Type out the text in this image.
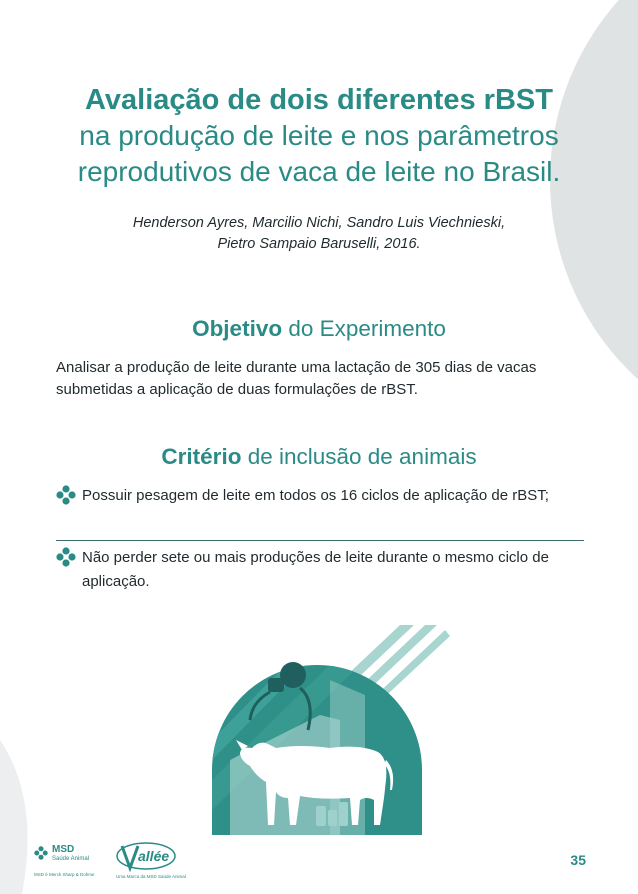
Avaliação de dois diferentes rBST
na produção de leite e nos parâmetros
reprodutivos de vaca de leite no Brasil.
Henderson Ayres, Marcilio Nichi, Sandro Luis Viechnieski,
Pietro Sampaio Baruselli, 2016.
Objetivo do Experimento
Analisar a produção de leite durante uma lactação de 305 dias de vacas submetidas a aplicação de duas formulações de rBST.
Critério de inclusão de animais
Possuir pesagem de leite em todos os 16 ciclos de aplicação de rBST;
Não perder sete ou mais produções de leite durante o mesmo ciclo de aplicação.
MSD
Saúde Animal
MSD é Merck Sharp & Dohme
allée
Uma Marca da MSD Saúde Animal
35
